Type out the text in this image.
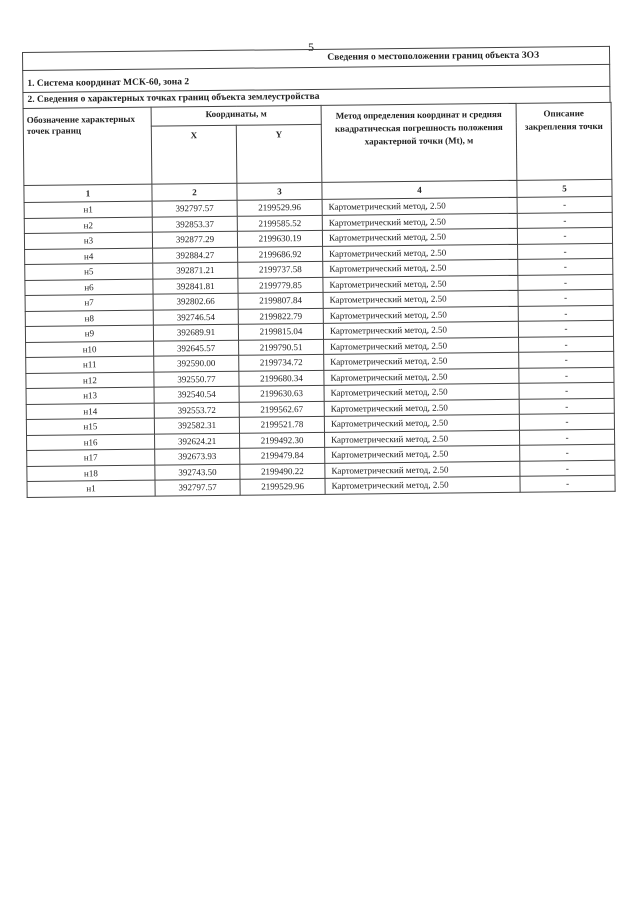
5
Сведения о местоположении границ объекта ЗОЗ
1. Система координат МСК-60, зона 2
2. Сведения о характерных точках границ объекта землеустройства
Обозначение характерных точек границ	Координаты, м		Метод определения координат и средняя квадратическая погрешность положения характерной точки (Mt), м	Описание закрепления точки
	X	Y		
1	2	3	4	5
н1	392797.57	2199529.96	Картометрический метод, 2.50	-
н2	392853.37	2199585.52	Картометрический метод, 2.50	-
н3	392877.29	2199630.19	Картометрический метод, 2.50	-
н4	392884.27	2199686.92	Картометрический метод, 2.50	-
н5	392871.21	2199737.58	Картометрический метод, 2.50	-
н6	392841.81	2199779.85	Картометрический метод, 2.50	-
н7	392802.66	2199807.84	Картометрический метод, 2.50	-
н8	392746.54	2199822.79	Картометрический метод, 2.50	-
н9	392689.91	2199815.04	Картометрический метод, 2.50	-
н10	392645.57	2199790.51	Картометрический метод, 2.50	-
н11	392590.00	2199734.72	Картометрический метод, 2.50	-
н12	392550.77	2199680.34	Картометрический метод, 2.50	-
н13	392540.54	2199630.63	Картометрический метод, 2.50	-
н14	392553.72	2199562.67	Картометрический метод, 2.50	-
н15	392582.31	2199521.78	Картометрический метод, 2.50	-
н16	392624.21	2199492.30	Картометрический метод, 2.50	-
н17	392673.93	2199479.84	Картометрический метод, 2.50	-
н18	392743.50	2199490.22	Картометрический метод, 2.50	-
н1	392797.57	2199529.96	Картометрический метод, 2.50	-
